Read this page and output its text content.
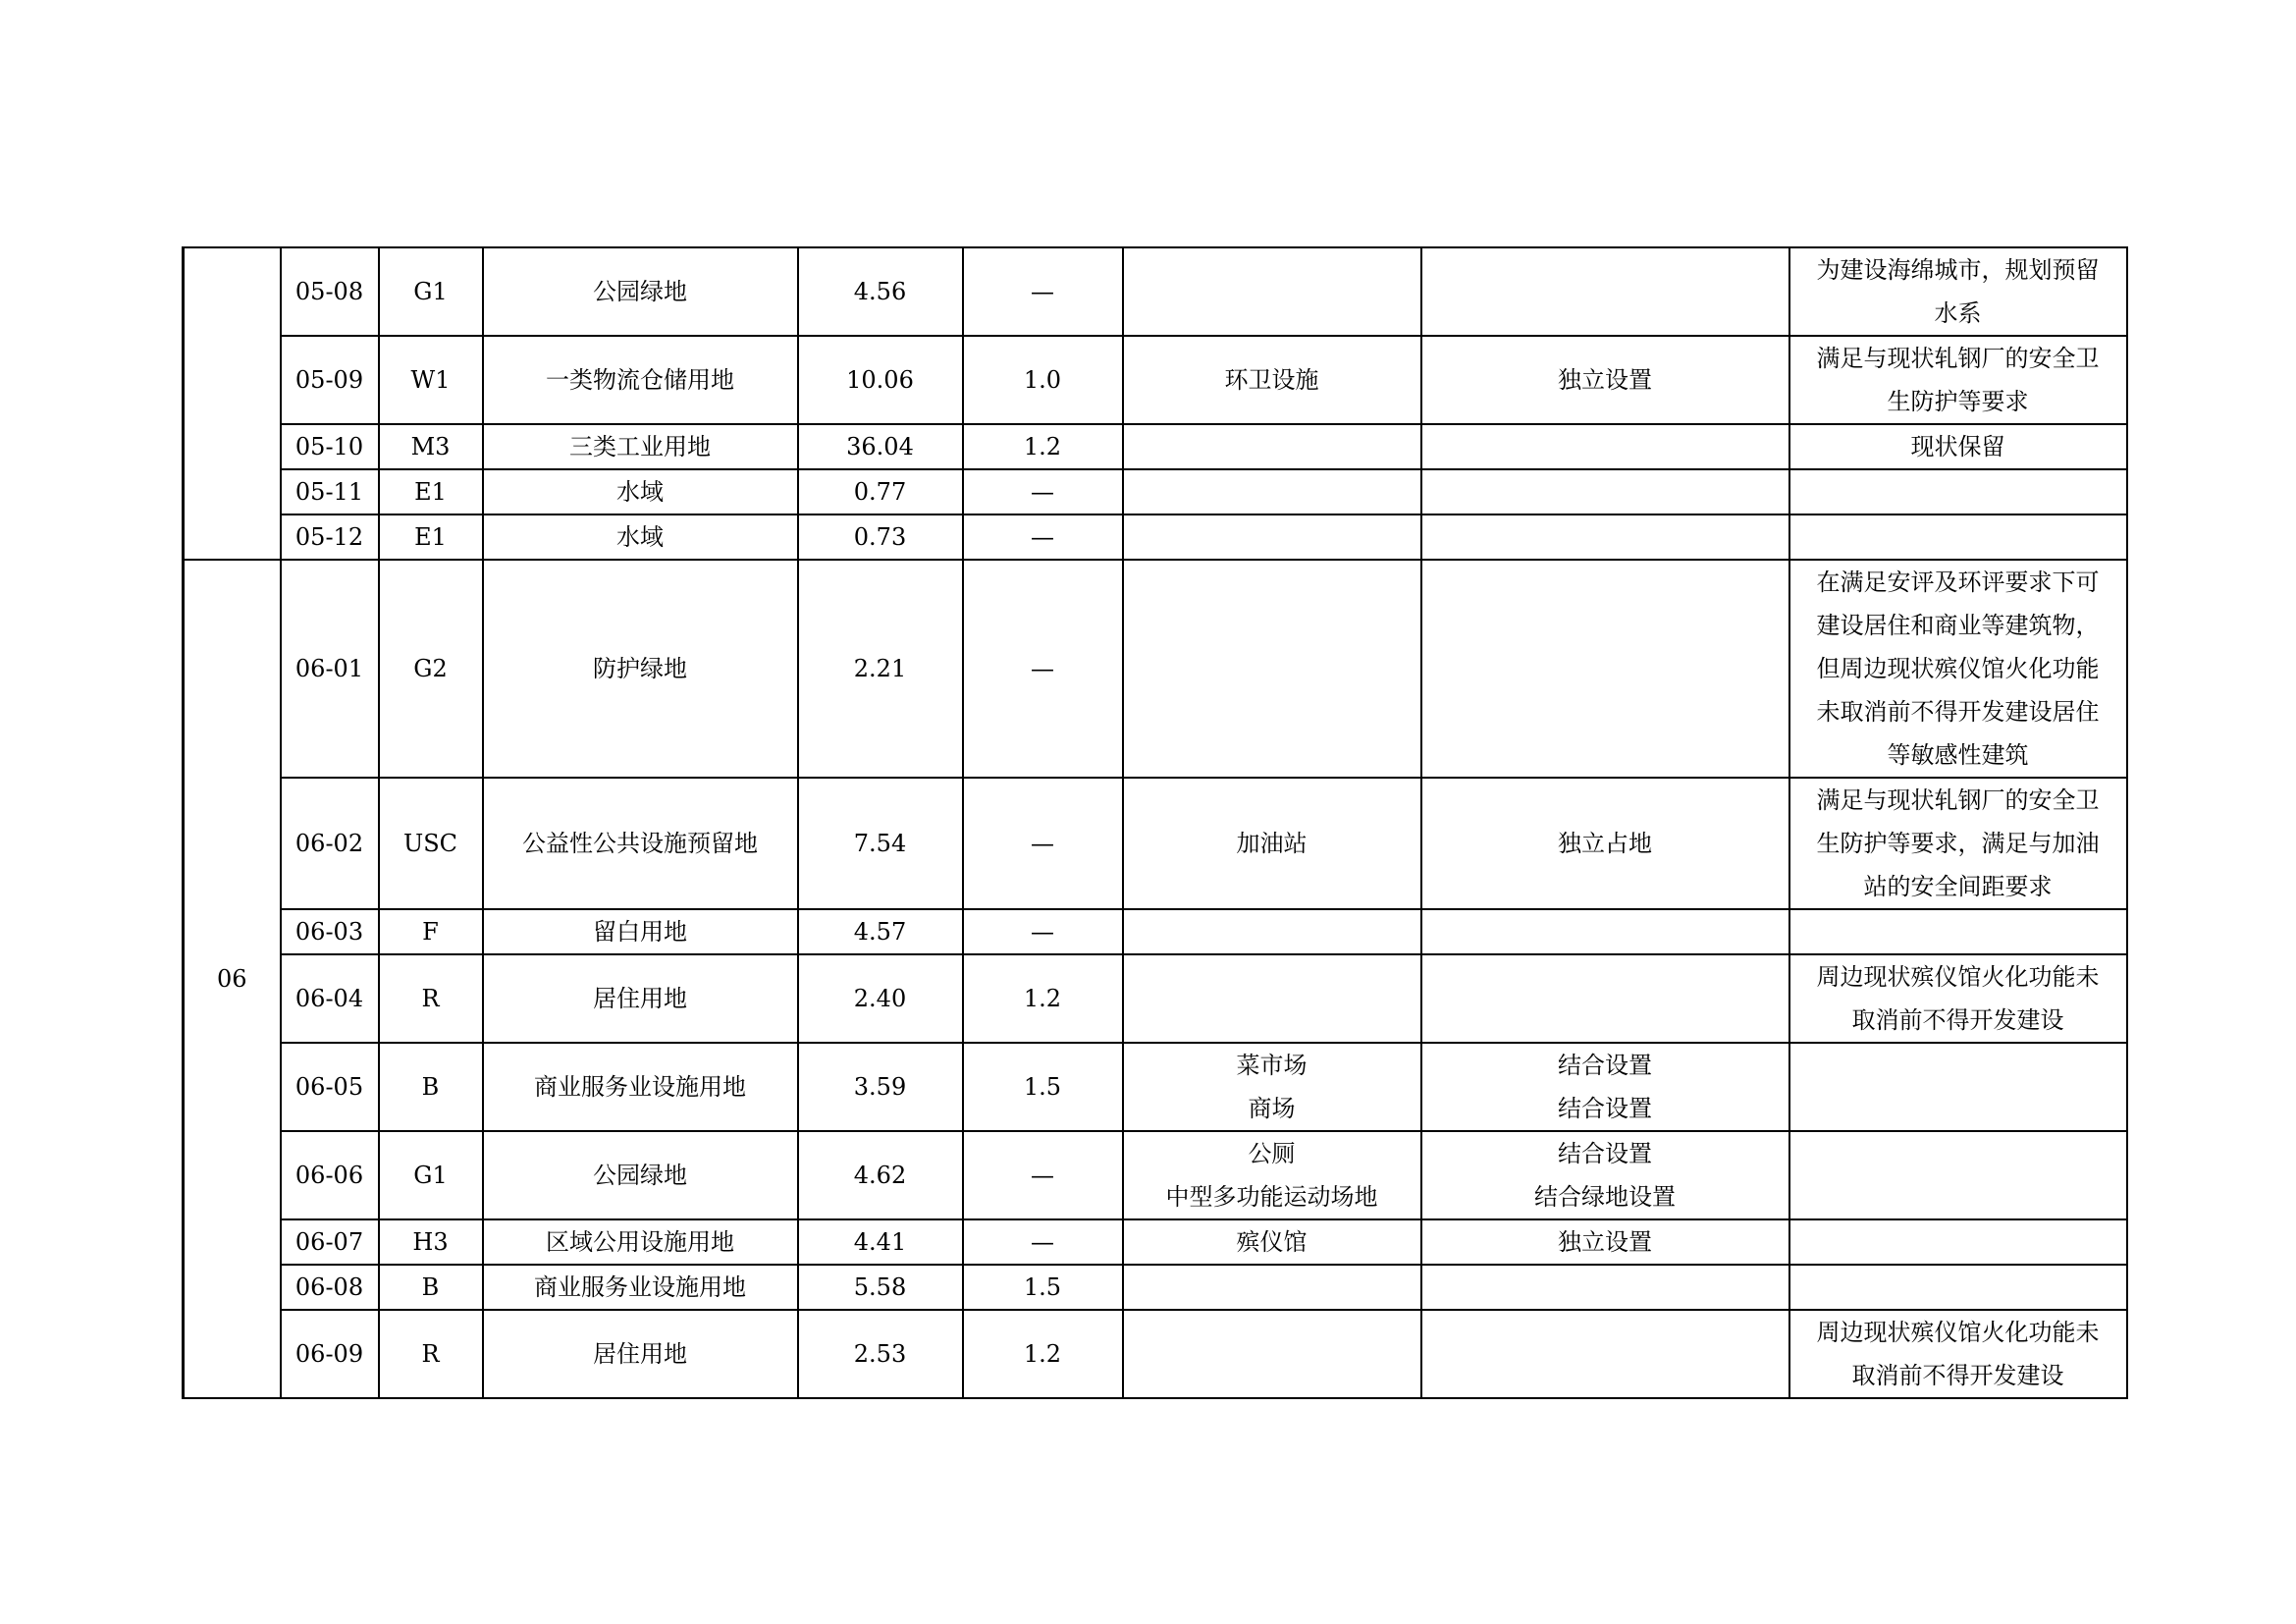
	05-08	G1	公园绿地	4.56	—			为建设海绵城市，规划预留
水系

	05-09	W1	一类物流仓储用地	10.06	1.0	环卫设施	独立设置	满足与现状轧钢厂的安全卫
生防护等要求

	05-10	M3	三类工业用地	36.04	1.2			现状保留

	05-11	E1	水域	0.77	—	

	05-12	E1	水域	0.73	—	

06	06-01	G2	防护绿地	2.21	—			在满足安评及环评要求下可
建设居住和商业等建筑物，
但周边现状殡仪馆火化功能
未取消前不得开发建设居住
等敏感性建筑

	06-02	USC	公益性公共设施预留地	7.54	—	加油站	独立占地	满足与现状轧钢厂的安全卫
生防护等要求，满足与加油
站的安全间距要求

	06-03	F	留白用地	4.57	—	

	06-04	R	居住用地	2.40	1.2			周边现状殡仪馆火化功能未
取消前不得开发建设

	06-05	B	商业服务业设施用地	3.59	1.5	菜市场
商场	结合设置
结合设置	

	06-06	G1	公园绿地	4.62	—	公厕
中型多功能运动场地	结合设置
结合绿地设置	

	06-07	H3	区域公用设施用地	4.41	—	殡仪馆	独立设置	

	06-08	B	商业服务业设施用地	5.58	1.5	

	06-09	R	居住用地	2.53	1.2			周边现状殡仪馆火化功能未
取消前不得开发建设
